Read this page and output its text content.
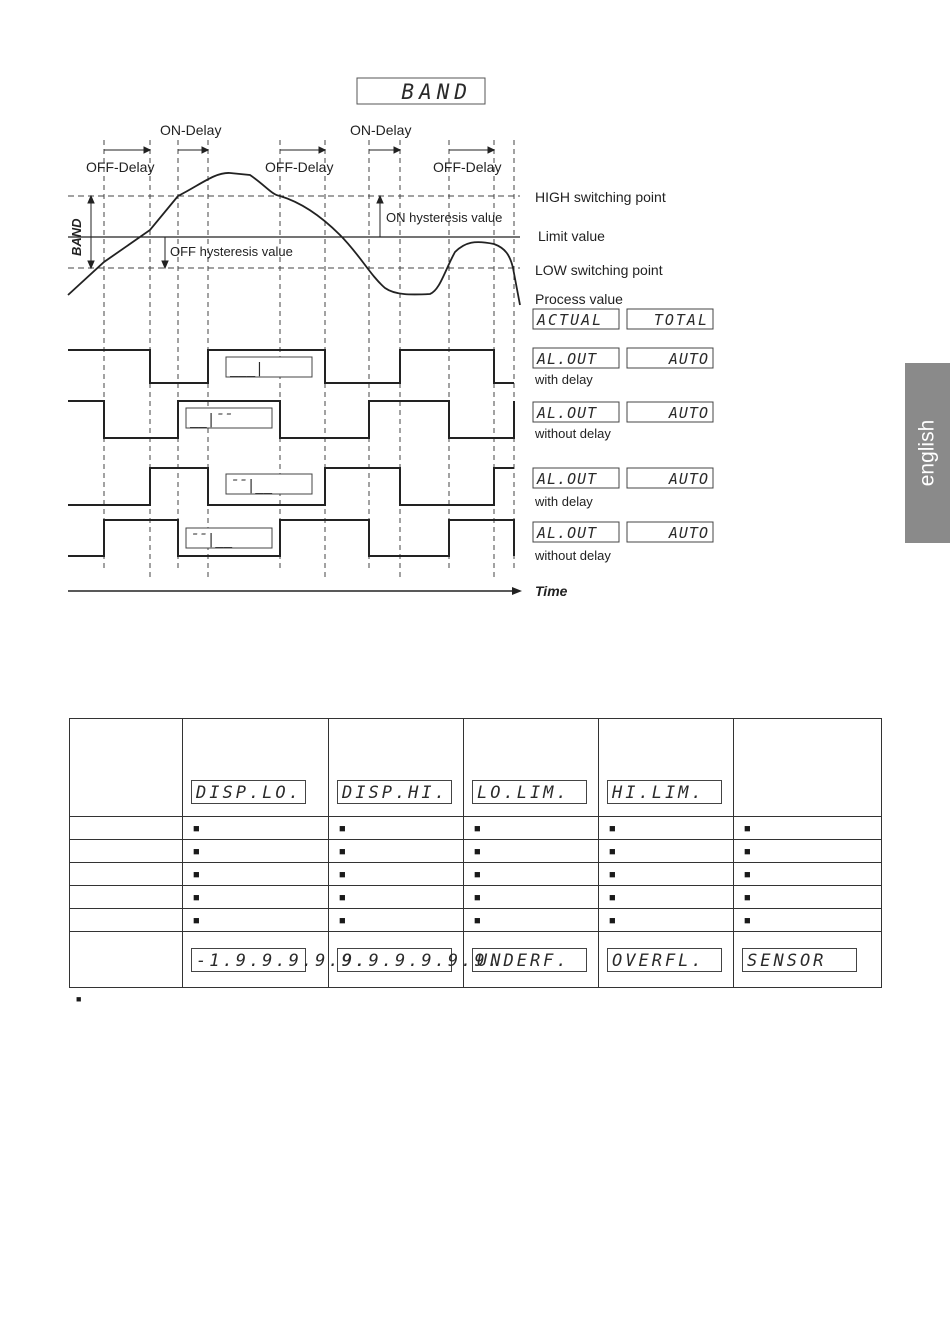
BAND
OFF-Delay
ON-Delay
OFF-Delay
ON-Delay
OFF-Delay
BAND
ON hysteresis value
OFF hysteresis value
HIGH switching point
Limit value
LOW switching point
Process value
ACTUAL	TOTAL
___|
__|¯¯
¯¯|__
¯¯|__
AL.OUT	AUTO
with delay
AL.OUT	AUTO
without delay
AL.OUT	AUTO
with delay
AL.OUT	AUTO
without delay
Time
english
	DISP.LO.	DISP.HI.	LO.LIM.	HI.LIM.	
	■	■	■	■	■
	■	■	■	■	■
	■	■	■	■	■
	■	■	■	■	■
	■	■	■	■	■
	-1.9.9.9.9.9.	9.9.9.9.9.9.	UNDERF.	OVERFL.	SENSOR
■
